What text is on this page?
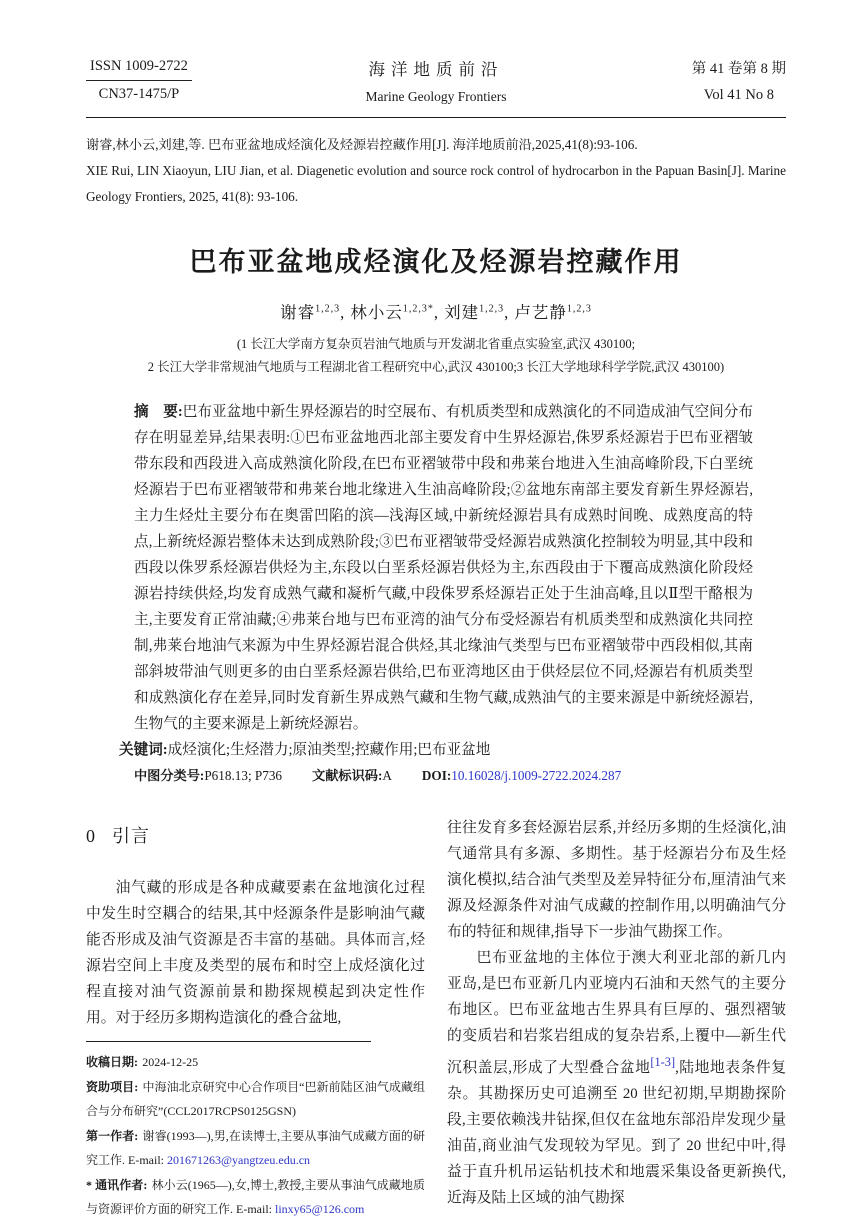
ISSN 1009-2722
CN37-1475/P
海洋地质前沿
Marine Geology Frontiers
第 41 卷第 8 期
Vol 41 No 8

谢睿,林小云,刘建,等. 巴布亚盆地成烃演化及烃源岩控藏作用[J]. 海洋地质前沿,2025,41(8):93-106.

XIE Rui, LIN Xiaoyun, LIU Jian, et al. Diagenetic evolution and source rock control of hydrocarbon in the Papuan Basin[J]. Marine Geology Frontiers, 2025, 41(8): 93-106.

巴布亚盆地成烃演化及烃源岩控藏作用
谢睿$^{1,2,3}$, 林小云$^{1,2,3*}$, 刘建$^{1,2,3}$, 卢艺静$^{1,2,3}$

(1 长江大学南方复杂页岩油气地质与开发湖北省重点实验室,武汉 430100;

2 长江大学非常规油气地质与工程湖北省工程研究中心,武汉 430100;3 长江大学地球科学学院,武汉 430100)

摘　要:巴布亚盆地中新生界烃源岩的时空展布、有机质类型和成熟演化的不同造成油气空间分布存在明显差异,结果表明:①巴布亚盆地西北部主要发育中生界烃源岩,侏罗系烃源岩于巴布亚褶皱带东段和西段进入高成熟演化阶段,在巴布亚褶皱带中段和弗莱台地进入生油高峰阶段,下白垩统烃源岩于巴布亚褶皱带和弗莱台地北缘进入生油高峰阶段;②盆地东南部主要发育新生界烃源岩,主力生烃灶主要分布在奥雷凹陷的滨—浅海区域,中新统烃源岩具有成熟时间晚、成熟度高的特点,上新统烃源岩整体未达到成熟阶段;③巴布亚褶皱带受烃源岩成熟演化控制较为明显,其中段和西段以侏罗系烃源岩供烃为主,东段以白垩系烃源岩供烃为主,东西段由于下覆高成熟演化阶段烃源岩持续供烃,均发育成熟气藏和凝析气藏,中段侏罗系烃源岩正处于生油高峰,且以Ⅱ型干酪根为主,主要发育正常油藏;④弗莱台地与巴布亚湾的油气分布受烃源岩有机质类型和成熟演化共同控制,弗莱台地油气来源为中生界烃源岩混合供烃,其北缘油气类型与巴布亚褶皱带中西段相似,其南部斜坡带油气则更多的由白垩系烃源岩供给,巴布亚湾地区由于供烃层位不同,烃源岩有机质类型和成熟演化存在差异,同时发育新生界成熟气藏和生物气藏,成熟油气的主要来源是中新统烃源岩,生物气的主要来源是上新统烃源岩。
关键词:成烃演化;生烃潜力;原油类型;控藏作用;巴布亚盆地
中图分类号:P618.13; P736 文献标识码:A DOI:10.16028/j.1009-2722.2024.287
0 引言

油气藏的形成是各种成藏要素在盆地演化过程中发生时空耦合的结果,其中烃源条件是影响油气藏能否形成及油气资源是否丰富的基础。具体而言,烃源岩空间上丰度及类型的展布和时空上成烃演化过程直接对油气资源前景和勘探规模起到决定性作用。对于经历多期构造演化的叠合盆地,

收稿日期: 2024-12-25

资助项目: 中海油北京研究中心合作项目“巴新前陆区油气成藏组合与分布研究”(CCL2017RCPS0125GSN)

第一作者: 谢睿(1993—),男,在读博士,主要从事油气成藏方面的研究工作. E-mail: 201671263@yangtzeu.edu.cn

* 通讯作者: 林小云(1965—),女,博士,教授,主要从事油气成藏地质与资源评价方面的研究工作. E-mail: linxy65@126.com

往往发育多套烃源岩层系,并经历多期的生烃演化,油气通常具有多源、多期性。基于烃源岩分布及生烃演化模拟,结合油气类型及差异特征分布,厘清油气来源及烃源条件对油气成藏的控制作用,以明确油气分布的特征和规律,指导下一步油气勘探工作。

巴布亚盆地的主体位于澳大利亚北部的新几内亚岛,是巴布亚新几内亚境内石油和天然气的主要分布地区。巴布亚盆地古生界具有巨厚的、强烈褶皱的变质岩和岩浆岩组成的复杂岩系,上覆中—新生代沉积盖层,形成了大型叠合盆地[1-3],陆地地表条件复杂。其勘探历史可追溯至 20 世纪初期,早期勘探阶段,主要依赖浅井钻探,但仅在盆地东部沿岸发现少量油苗,商业油气发现较为罕见。到了 20 世纪中叶,得益于直升机吊运钻机技术和地震采集设备更新换代,近海及陆上区域的油气勘探
